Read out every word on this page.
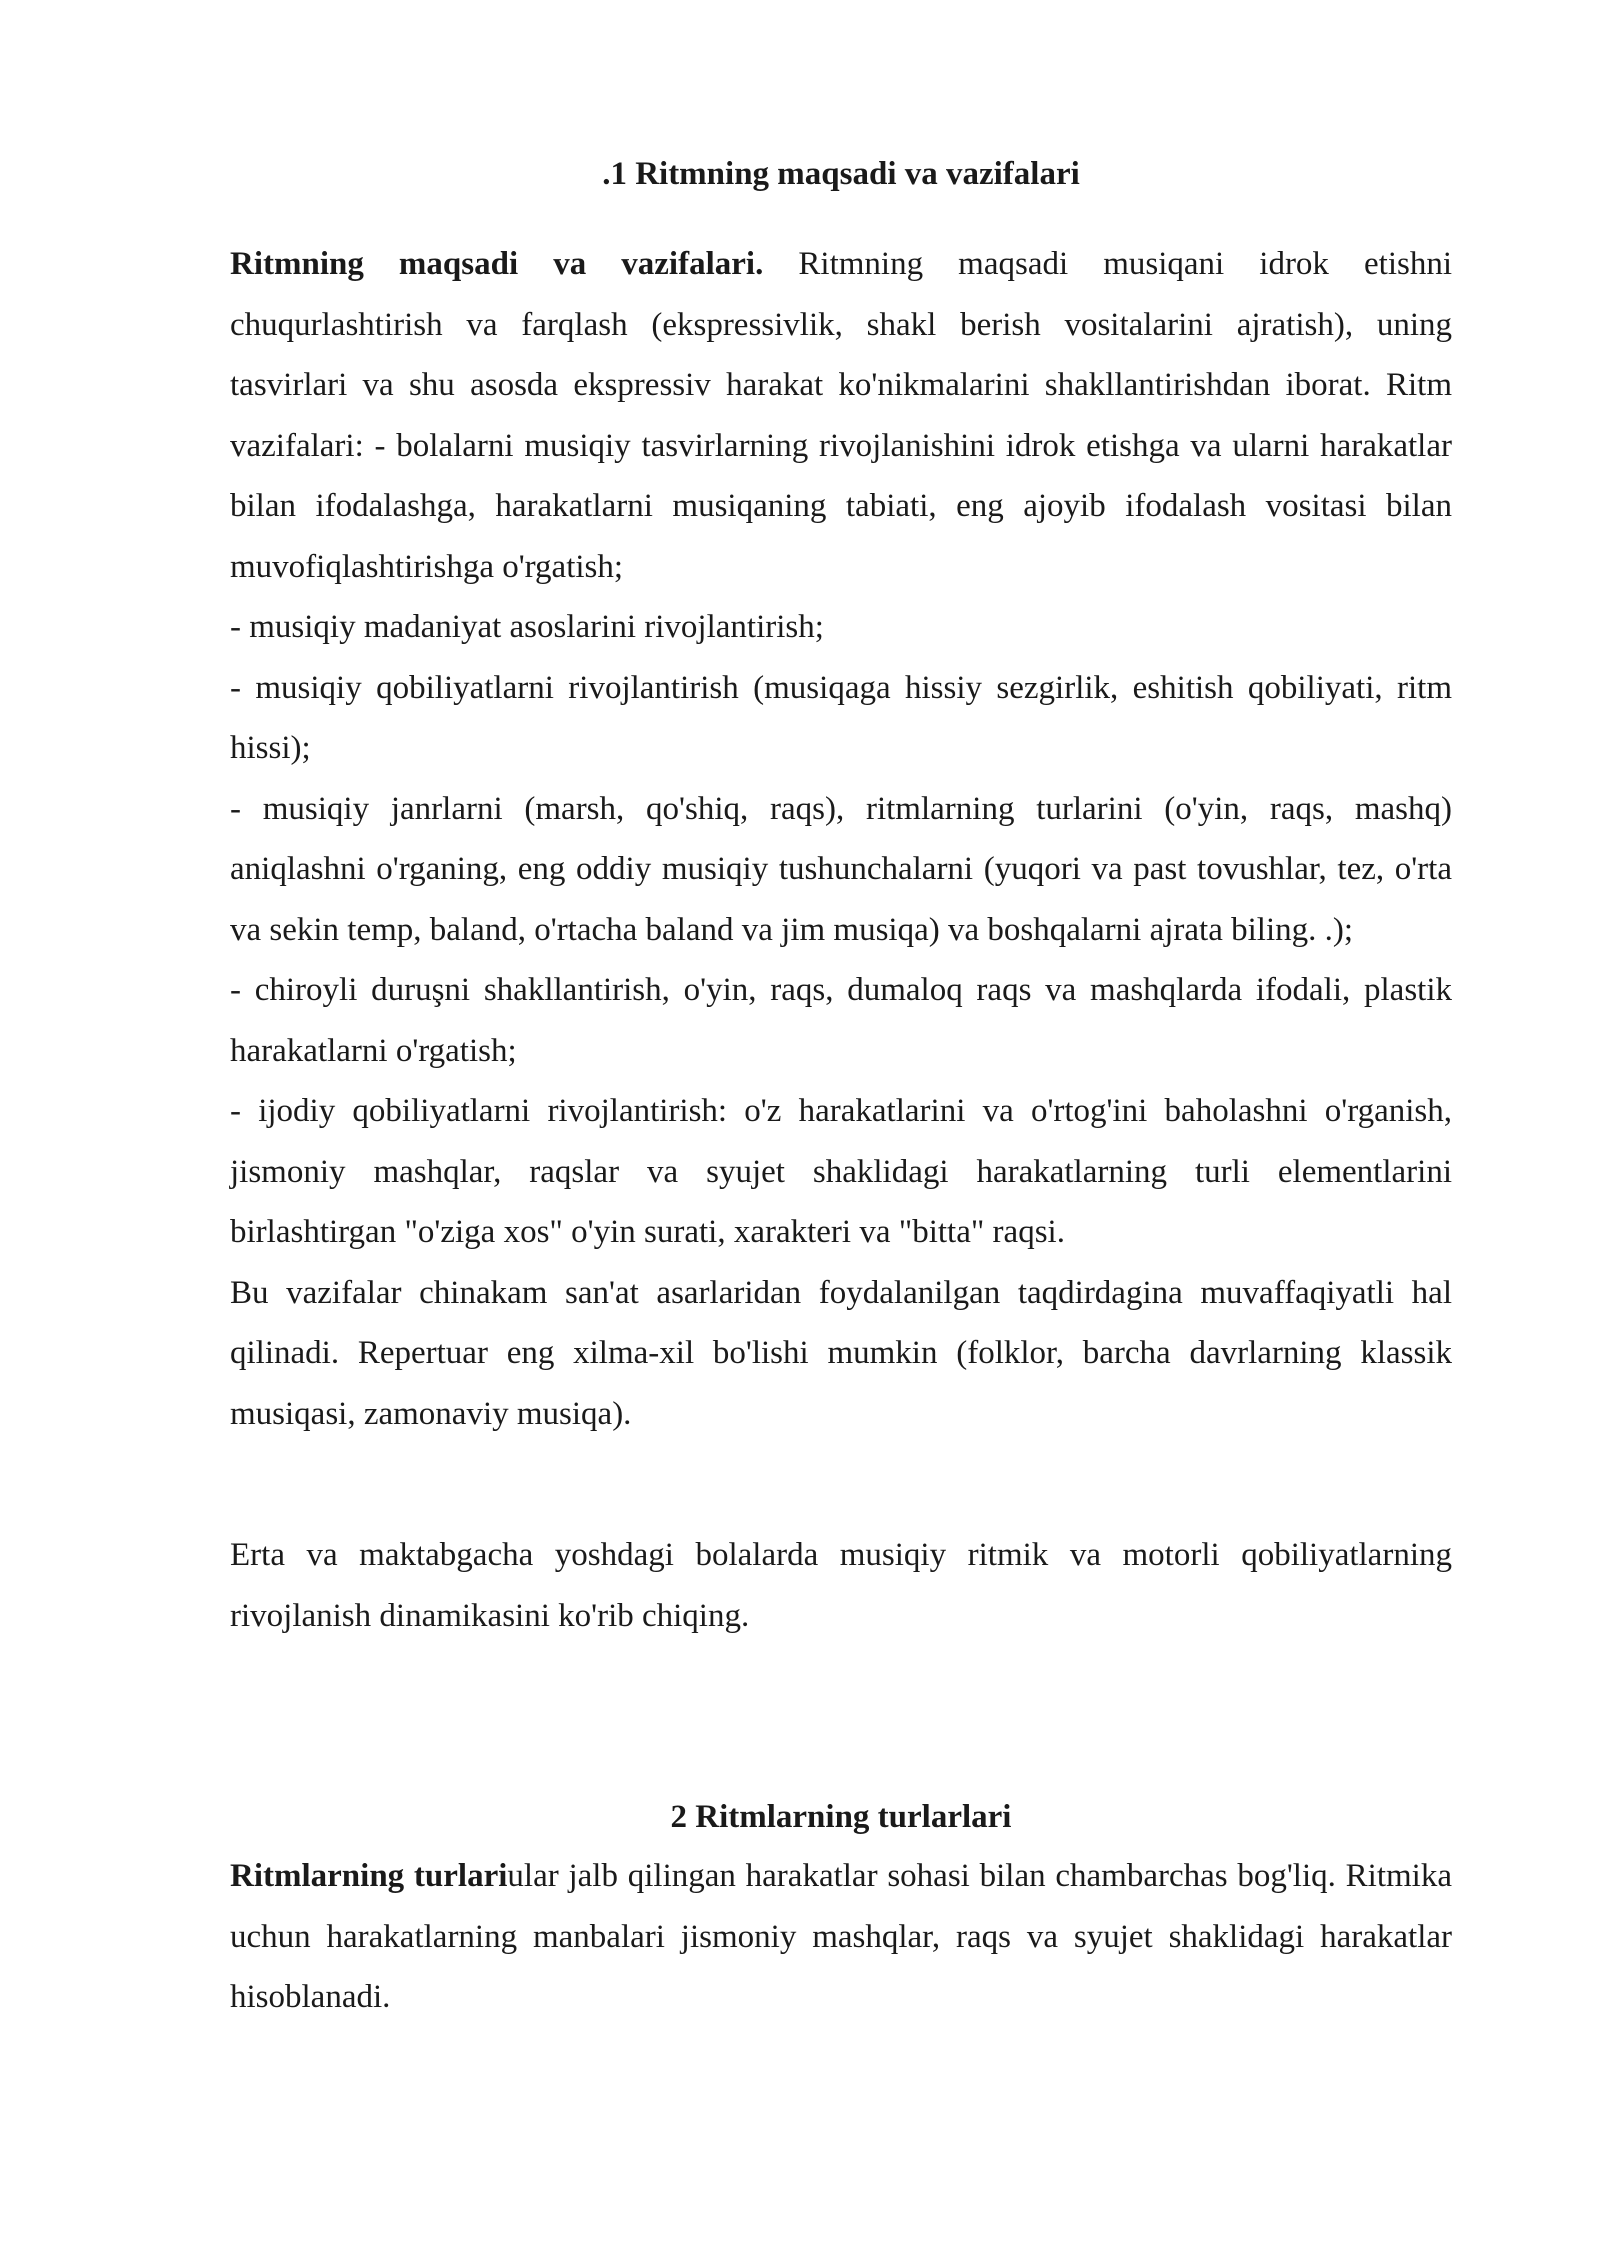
.1 Ritmning maqsadi va vazifalari

Ritmning maqsadi va vazifalari. Ritmning maqsadi musiqani idrok etishni chuqurlashtirish va farqlash (ekspressivlik, shakl berish vositalarini ajratish), uning tasvirlari va shu asosda ekspressiv harakat ko'nikmalarini shakllantirishdan iborat. Ritm vazifalari: - bolalarni musiqiy tasvirlarning rivojlanishini idrok etishga va ularni harakatlar bilan ifodalashga, harakatlarni musiqaning tabiati, eng ajoyib ifodalash vositasi bilan muvofiqlashtirishga o'rgatish;

- musiqiy madaniyat asoslarini rivojlantirish;

- musiqiy qobiliyatlarni rivojlantirish (musiqaga hissiy sezgirlik, eshitish qobiliyati, ritm hissi);

- musiqiy janrlarni (marsh, qo'shiq, raqs), ritmlarning turlarini (o'yin, raqs, mashq) aniqlashni o'rganing, eng oddiy musiqiy tushunchalarni (yuqori va past tovushlar, tez, o'rta va sekin temp, baland, o'rtacha baland va jim musiqa) va boshqalarni ajrata biling. .);

- chiroyli duruşni shakllantirish, o'yin, raqs, dumaloq raqs va mashqlarda ifodali, plastik harakatlarni o'rgatish;

- ijodiy qobiliyatlarni rivojlantirish: o'z harakatlarini va o'rtog'ini baholashni o'rganish, jismoniy mashqlar, raqslar va syujet shaklidagi harakatlarning turli elementlarini birlashtirgan "o'ziga xos" o'yin surati, xarakteri va "bitta" raqsi.

Bu vazifalar chinakam san'at asarlaridan foydalanilgan taqdirdagina muvaffaqiyatli hal qilinadi. Repertuar eng xilma-xil bo'lishi mumkin (folklor, barcha davrlarning klassik musiqasi, zamonaviy musiqa).

Erta va maktabgacha yoshdagi bolalarda musiqiy ritmik va motorli qobiliyatlarning rivojlanish dinamikasini ko'rib chiqing.

2 Ritmlarning turlarlari

Ritmlarning turlariular jalb qilingan harakatlar sohasi bilan chambarchas bog'liq. Ritmika uchun harakatlarning manbalari jismoniy mashqlar, raqs va syujet shaklidagi harakatlar hisoblanadi.
